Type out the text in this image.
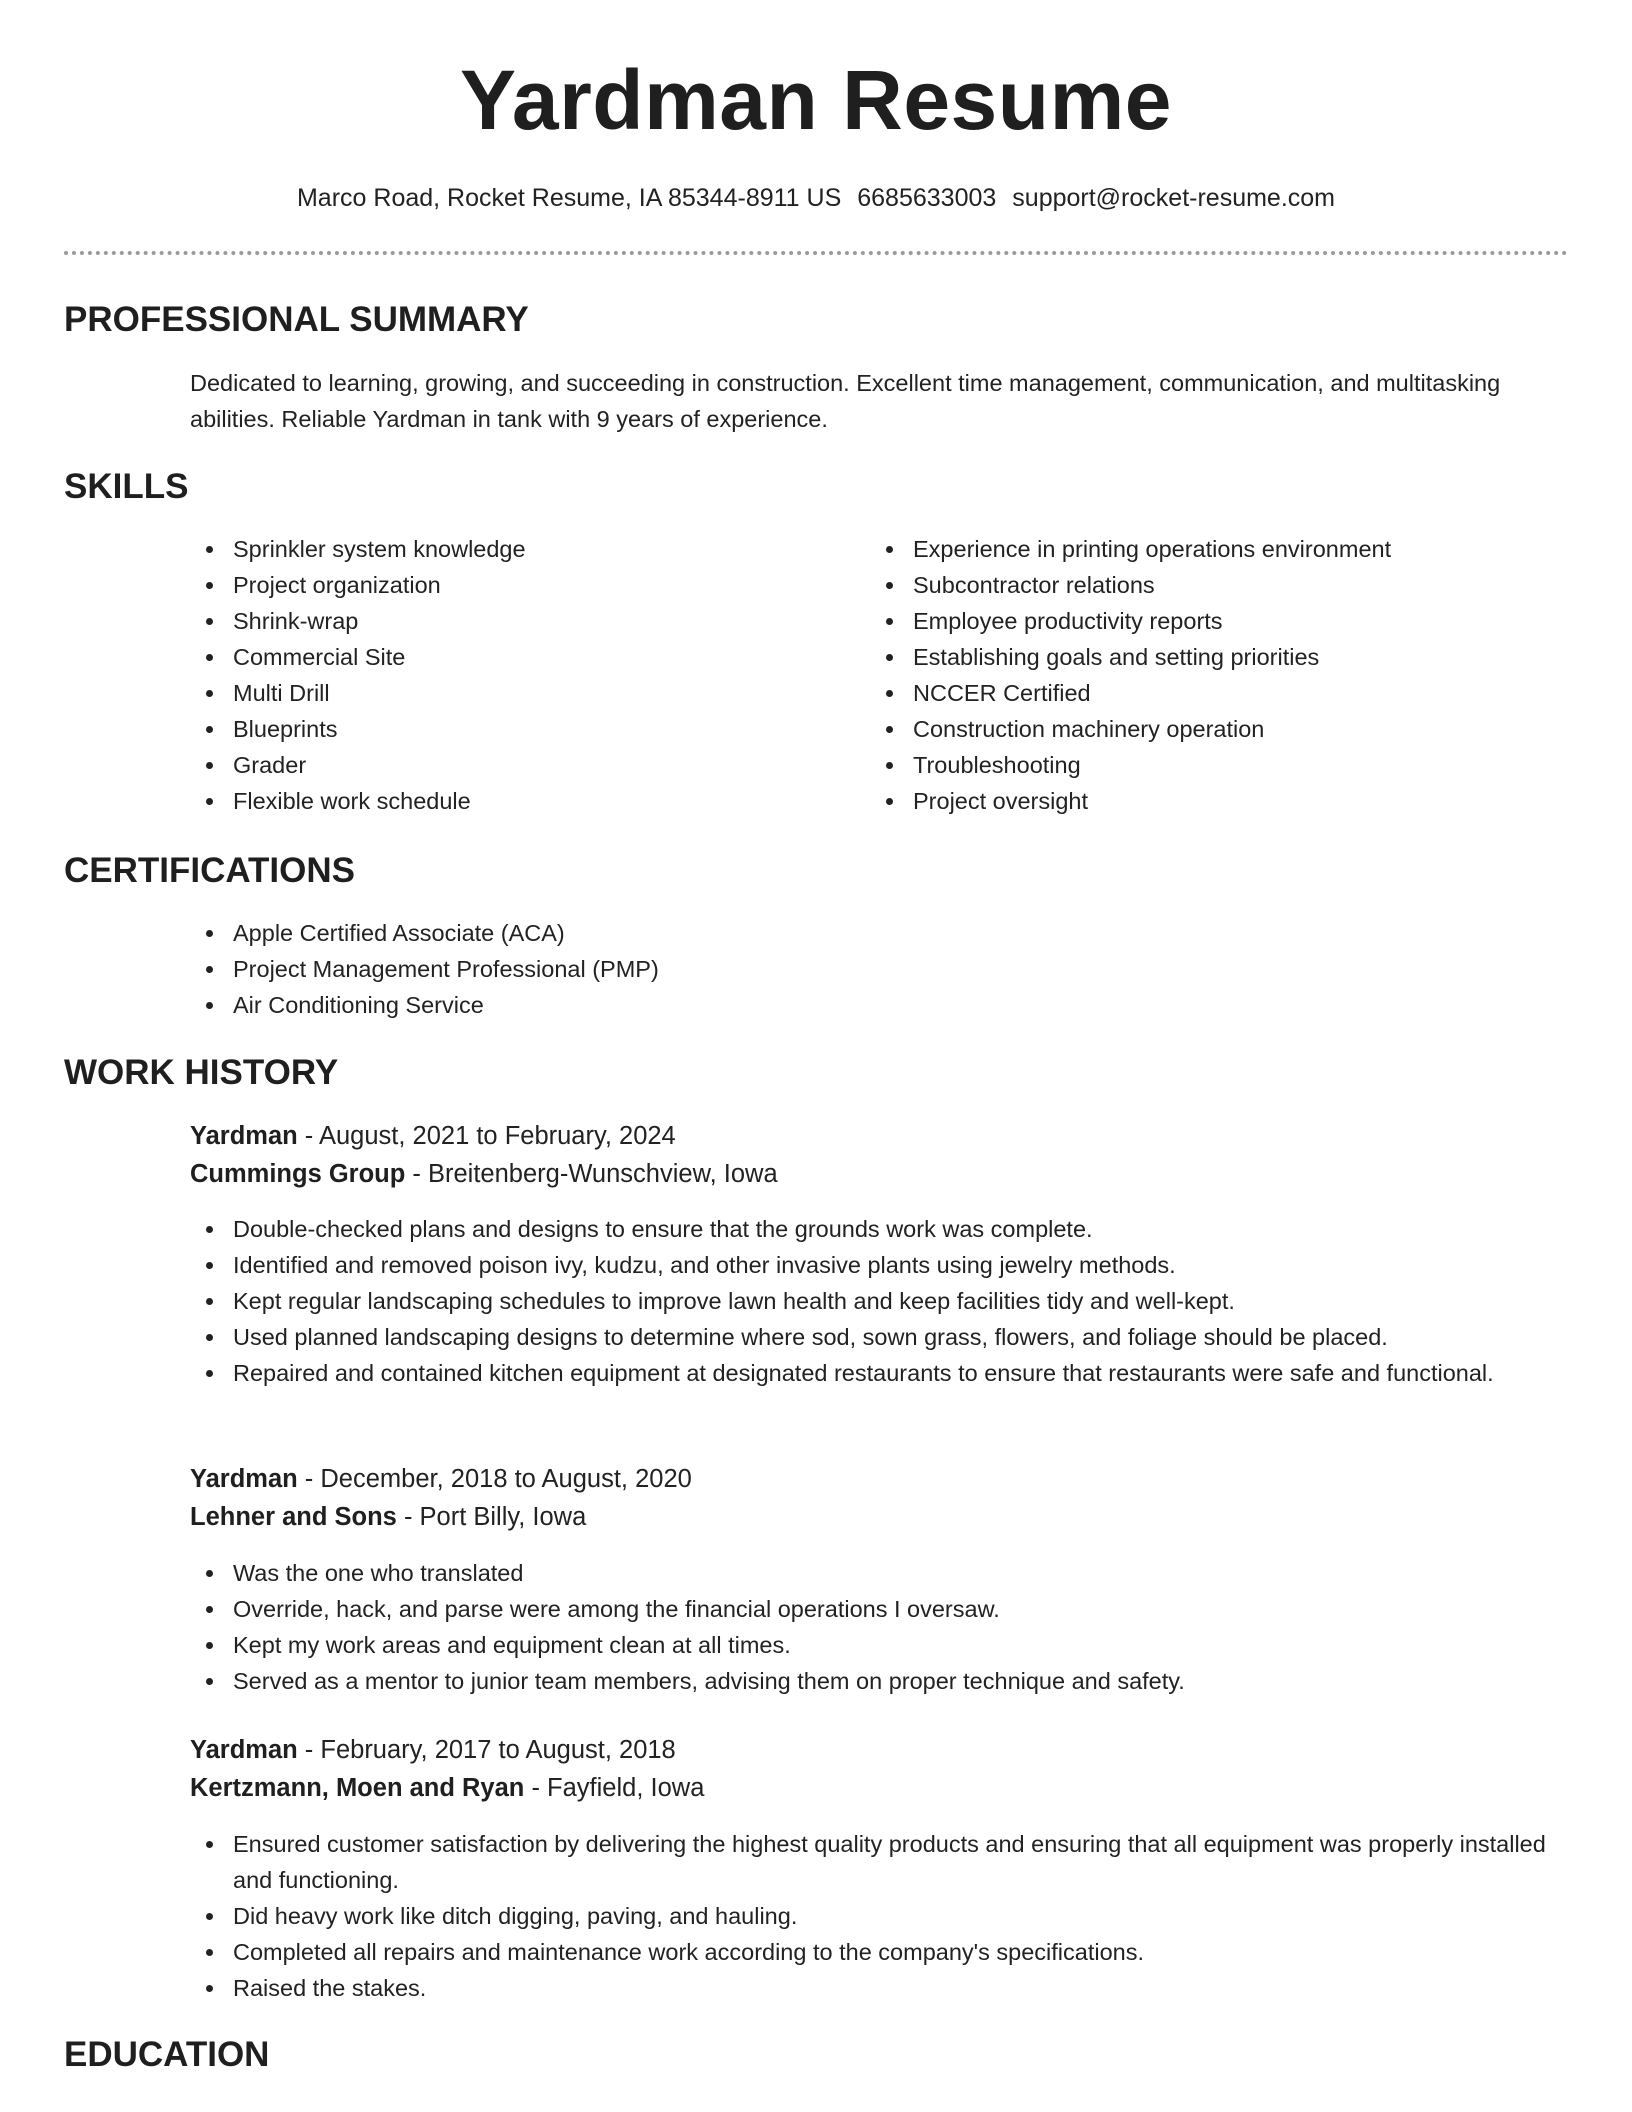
Yardman Resume
Marco Road, Rocket Resume, IA 85344-8911 US 6685633003 support@rocket-resume.com
PROFESSIONAL SUMMARY

Dedicated to learning, growing, and succeeding in construction. Excellent time management, communication, and multitasking abilities. Reliable Yardman in tank with 9 years of experience.

SKILLS
Sprinkler system knowledge
Project organization
Shrink-wrap
Commercial Site
Multi Drill
Blueprints
Grader
Flexible work schedule
Experience in printing operations environment
Subcontractor relations
Employee productivity reports
Establishing goals and setting priorities
NCCER Certified
Construction machinery operation
Troubleshooting
Project oversight
CERTIFICATIONS
Apple Certified Associate (ACA)
Project Management Professional (PMP)
Air Conditioning Service
WORK HISTORY
Yardman - August, 2021 to February, 2024
Cummings Group - Breitenberg-Wunschview, Iowa
Double-checked plans and designs to ensure that the grounds work was complete.
Identified and removed poison ivy, kudzu, and other invasive plants using jewelry methods.
Kept regular landscaping schedules to improve lawn health and keep facilities tidy and well-kept.
Used planned landscaping designs to determine where sod, sown grass, flowers, and foliage should be placed.
Repaired and contained kitchen equipment at designated restaurants to ensure that restaurants were safe and functional.
Yardman - December, 2018 to August, 2020
Lehner and Sons - Port Billy, Iowa
Was the one who translated
Override, hack, and parse were among the financial operations I oversaw.
Kept my work areas and equipment clean at all times.
Served as a mentor to junior team members, advising them on proper technique and safety.
Yardman - February, 2017 to August, 2018
Kertzmann, Moen and Ryan - Fayfield, Iowa
Ensured customer satisfaction by delivering the highest quality products and ensuring that all equipment was properly installed and functioning.
Did heavy work like ditch digging, paving, and hauling.
Completed all repairs and maintenance work according to the company's specifications.
Raised the stakes.
EDUCATION
